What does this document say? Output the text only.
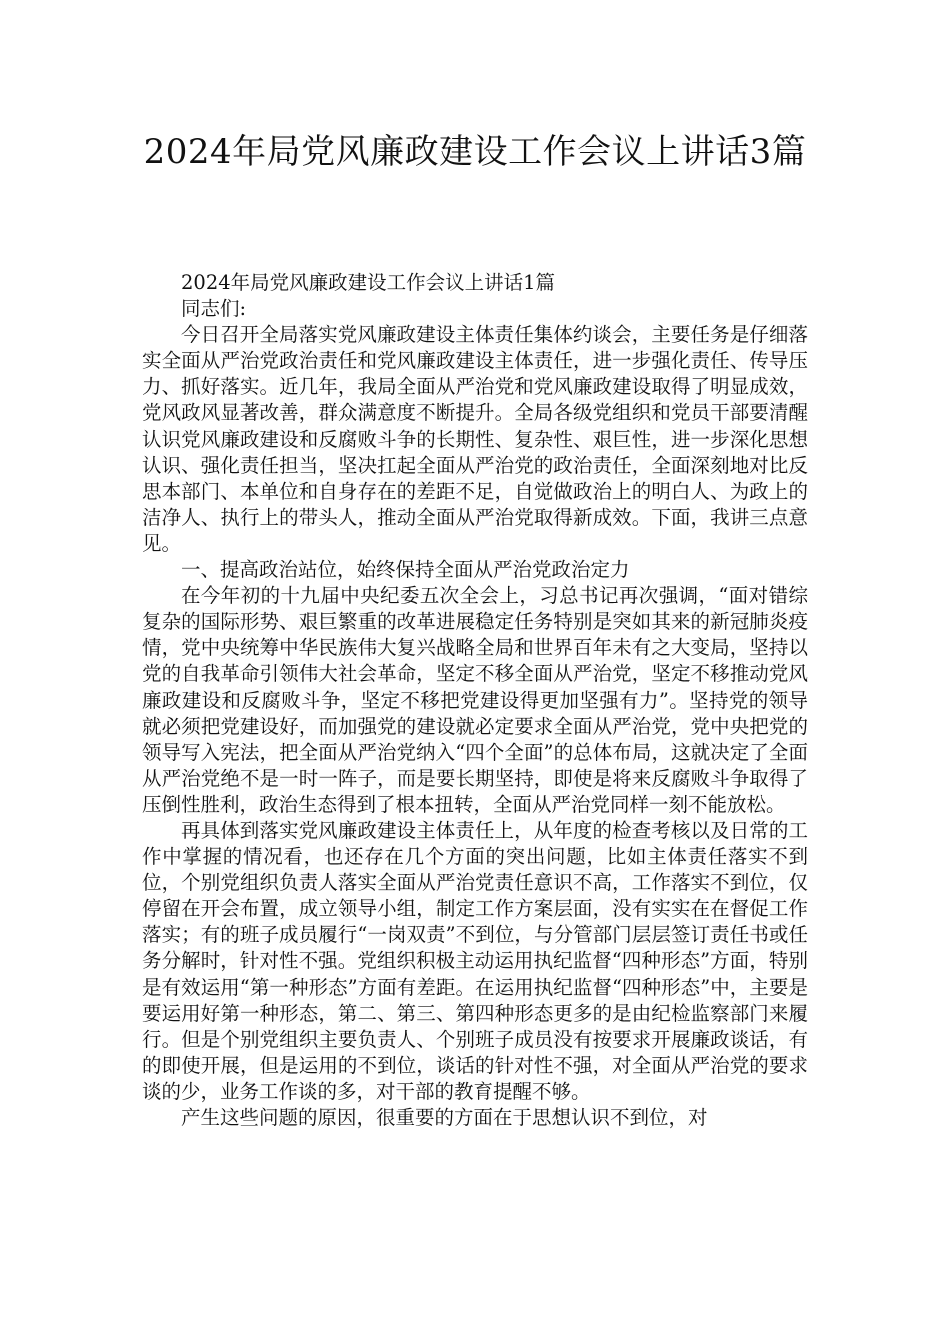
2024年局党风廉政建设工作会议上讲话3篇

2024年局党风廉政建设工作会议上讲话1篇

同志们:

今日召开全局落实党风廉政建设主体责任集体约谈会，主要任务是仔细落实全面从严治党政治责任和党风廉政建设主体责任，进一步强化责任、传导压力、抓好落实。近几年，我局全面从严治党和党风廉政建设取得了明显成效，党风政风显著改善，群众满意度不断提升。全局各级党组织和党员干部要清醒认识党风廉政建设和反腐败斗争的长期性、复杂性、艰巨性，进一步深化思想认识、强化责任担当，坚决扛起全面从严治党的政治责任，全面深刻地对比反思本部门、本单位和自身存在的差距不足，自觉做政治上的明白人、为政上的洁净人、执行上的带头人，推动全面从严治党取得新成效。下面，我讲三点意见。

一、提高政治站位，始终保持全面从严治党政治定力

在今年初的十九届中央纪委五次全会上，习总书记再次强调，“面对错综复杂的国际形势、艰巨繁重的改革进展稳定任务特别是突如其来的新冠肺炎疫情，党中央统筹中华民族伟大复兴战略全局和世界百年未有之大变局，坚持以党的自我革命引领伟大社会革命，坚定不移全面从严治党，坚定不移推动党风廉政建设和反腐败斗争，坚定不移把党建设得更加坚强有力”。坚持党的领导就必须把党建设好，而加强党的建设就必定要求全面从严治党，党中央把党的领导写入宪法，把全面从严治党纳入“四个全面”的总体布局，这就决定了全面从严治党绝不是一时一阵子，而是要长期坚持，即使是将来反腐败斗争取得了压倒性胜利，政治生态得到了根本扭转，全面从严治党同样一刻不能放松。

再具体到落实党风廉政建设主体责任上，从年度的检查考核以及日常的工作中掌握的情况看，也还存在几个方面的突出问题，比如主体责任落实不到位，个别党组织负责人落实全面从严治党责任意识不高，工作落实不到位，仅停留在开会布置，成立领导小组，制定工作方案层面，没有实实在在督促工作落实；有的班子成员履行“一岗双责”不到位，与分管部门层层签订责任书或任务分解时，针对性不强。党组织积极主动运用执纪监督“四种形态”方面，特别是有效运用“第一种形态”方面有差距。在运用执纪监督“四种形态”中，主要是要运用好第一种形态，第二、第三、第四种形态更多的是由纪检监察部门来履行。但是个别党组织主要负责人、个别班子成员没有按要求开展廉政谈话，有的即使开展，但是运用的不到位，谈话的针对性不强，对全面从严治党的要求谈的少，业务工作谈的多，对干部的教育提醒不够。

产生这些问题的原因，很重要的方面在于思想认识不到位，对
